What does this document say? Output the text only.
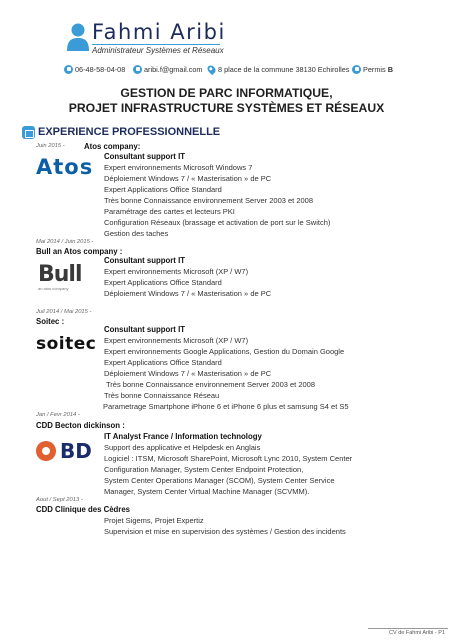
Fahmi Aribi
Administrateur Systèmes et Réseaux
06-48-58-04-08	aribi.f@gmail.com 8 place de la commune 38130 Echirolles Permis
B
GESTION DE PARC INFORMATIQUE,
PROJET INFRASTRUCTURE SYSTÈMES ET RÉSEAUX
EXPERIENCE PROFESSIONNELLE
Juin 2015 - Atos company:
Atos Consultant support IT
Expert environnements Microsoft Windows 7
Déploiement Windows 7 / « Masterisation » de PC
Expert Applications Office Standard
Très bonne Connaissance environnement Server 2003 et 2008
Paramétrage des cartes et lecteurs PKI
Configuration Réseaux (brassage et activation de port sur le Switch)
Gestion des taches
Mai 2014 / Juin 2015 -
Bull an Atos company :
Bull
an atos company
Consultant support IT
Expert environnements Microsoft (XP / W7)
Expert Applications Office Standard
Déploiement Windows 7 / « Masterisation » de PC
Juil 2014 / Mai 2015 -
Soitec :
soitec
Consultant support IT
Expert environnements Microsoft (XP / W7)
Expert environnements Google Applications, Gestion du Domain Google
Expert Applications Office Standard
Déploiement Windows 7 / « Masterisation » de PC
Très bonne Connaissance environnement Server 2003 et 2008
Très bonne Connaissance Réseau
Parametrage Smartphone iPhone 6 et iPhone 6 plus et samsung S4 et S5
Jan / Fevr 2014 -
CDD Becton dickinson :
BD
IT Analyst France / Information technology
Support des applicative et Helpdesk en Anglais
Logiciel : ITSM, Microsoft SharePoint, Microsoft Lync 2010, System Center
Configuration Manager, System Center Endpoint Protection,
System Center Operations Manager (SCOM), System Center Service
Manager, System Center Virtual Machine Manager (SCVMM).
Aout / Sept 2013 -
CDD Clinique des Cèdres
Projet Sigems, Projet Expertiz
Supervision et mise en supervision des systèmes / Gestion des incidents
CV de Fahmi Aribi - P1
